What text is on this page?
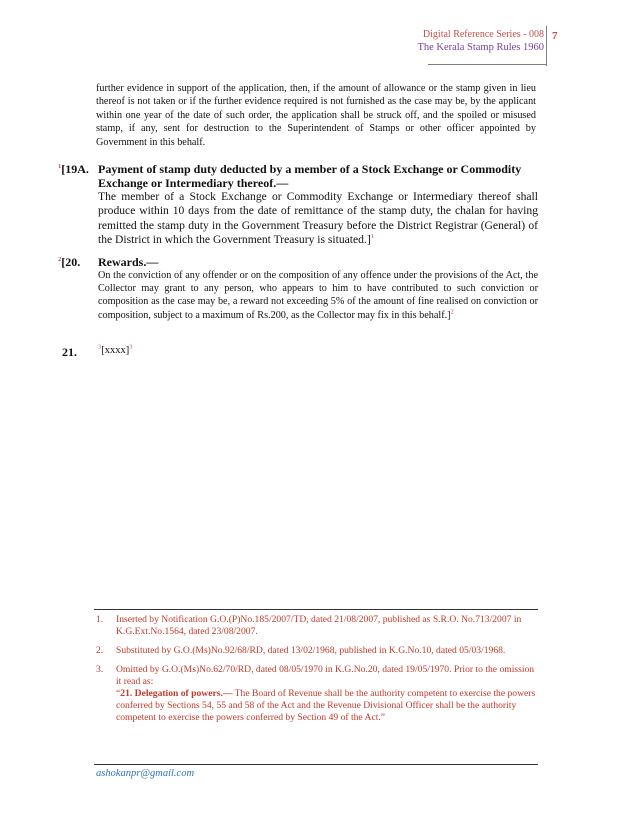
Digital Reference Series - 008
The Kerala Stamp Rules 1960
7
further evidence in support of the application, then, if the amount of allowance or the stamp given in lieu thereof is not taken or if the further evidence required is not furnished as the case may be, by the applicant within one year of the date of such order, the application shall be struck off, and the spoiled or misused stamp, if any, sent for destruction to the Superintendent of Stamps or other officer appointed by Government in this behalf.
$^1$[19A. Payment of stamp duty deducted by a member of a Stock Exchange or Commodity Exchange or Intermediary thereof.—
The member of a Stock Exchange or Commodity Exchange or Intermediary thereof shall produce within 10 days from the date of remittance of the stamp duty, the chalan for having remitted the stamp duty in the Government Treasury before the District Registrar (General) of the District in which the Government Treasury is situated.]$^1$
$^2$[20. Rewards.—
On the conviction of any offender or on the composition of any offence under the provisions of the Act, the Collector may grant to any person, who appears to him to have contributed to such conviction or composition as the case may be, a reward not exceeding 5% of the amount of fine realised on conviction or composition, subject to a maximum of Rs.200, as the Collector may fix in this behalf.]$^2$
21.	$^3$[xxxx]$^3$
1. Inserted by Notification G.O.(P)No.185/2007/TD, dated 21/08/2007, published as S.R.O. No.713/2007 in K.G.Ext.No.1564, dated 23/08/2007.
2. Substituted by G.O.(Ms)No.92/68/RD, dated 13/02/1968, published in K.G.No.10, dated 05/03/1968.
3. Omitted by G.O.(Ms)No.62/70/RD, dated 08/05/1970 in K.G.No.20, dated 19/05/1970. Prior to the omission it read as:
“21. Delegation of powers.— The Board of Revenue shall be the authority competent to exercise the powers conferred by Sections 54, 55 and 58 of the Act and the Revenue Divisional Officer shall be the authority competent to exercise the powers conferred by Section 49 of the Act.”
ashokanpr@gmail.com
